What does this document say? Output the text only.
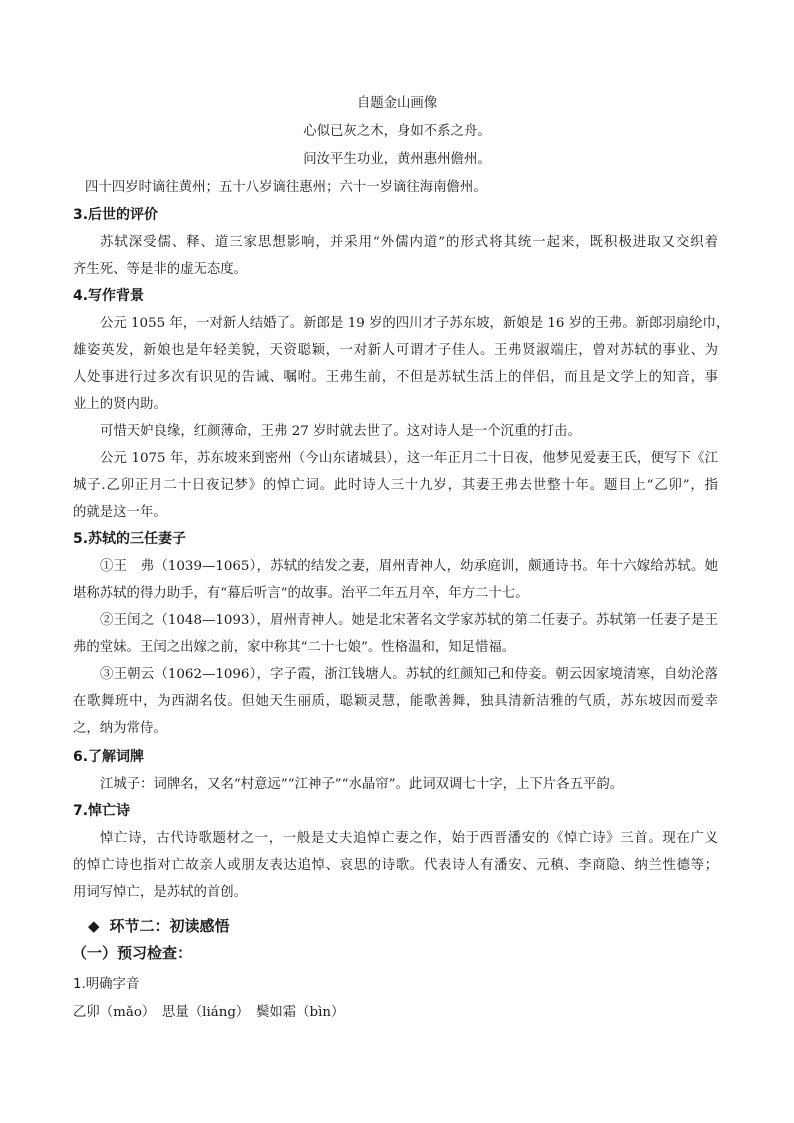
自题金山画像
心似已灰之木，身如不系之舟。
问汝平生功业，黄州惠州儋州。
四十四岁时谪往黄州；五十八岁谪往惠州；六十一岁谪往海南儋州。
3.后世的评价
苏轼深受儒、释、道三家思想影响，并采用“外儒内道”的形式将其统一起来，既积极进取又交织着
齐生死、等是非的虚无态度。
4.写作背景
公元 1055 年，一对新人结婚了。新郎是 19 岁的四川才子苏东坡，新娘是 16 岁的王弗。新郎羽扇纶巾，
雄姿英发，新娘也是年轻美貌，天资聪颖，一对新人可谓才子佳人。王弗贤淑端庄，曾对苏轼的事业、为
人处事进行过多次有识见的告诫、嘱咐。王弗生前，不但是苏轼生活上的伴侣，而且是文学上的知音，事
业上的贤内助。
可惜天妒良缘，红颜薄命，王弗 27 岁时就去世了。这对诗人是一个沉重的打击。
公元 1075 年，苏东坡来到密州（今山东诸城县），这一年正月二十日夜，他梦见爱妻王氏，便写下《江
城子.乙卯正月二十日夜记梦》的悼亡词。此时诗人三十九岁，其妻王弗去世整十年。题目上“乙卯”，指
的就是这一年。
5.苏轼的三任妻子
①王　弗（1039—1065），苏轼的结发之妻，眉州青神人，幼承庭训，颇通诗书。年十六嫁给苏轼。她
堪称苏轼的得力助手，有“幕后听言”的故事。治平二年五月卒，年方二十七。
②王闰之（1048—1093），眉州青神人。她是北宋著名文学家苏轼的第二任妻子。苏轼第一任妻子是王
弗的堂妹。王闰之出嫁之前，家中称其“二十七娘”。性格温和，知足惜福。
③王朝云（1062—1096），字子霞，浙江钱塘人。苏轼的红颜知己和侍妾。朝云因家境清寒，自幼沦落
在歌舞班中，为西湖名伎。但她天生丽质，聪颖灵慧，能歌善舞，独具清新洁雅的气质，苏东坡因而爱幸
之，纳为常侍。
6.了解词牌
江城子：词牌名，又名“村意远”“江神子”“水晶帘”。此词双调七十字，上下片各五平韵。
7.悼亡诗
悼亡诗，古代诗歌题材之一，一般是丈夫追悼亡妻之作，始于西晋潘安的《悼亡诗》三首。现在广义
的悼亡诗也指对亡故亲人或朋友表达追悼、哀思的诗歌。代表诗人有潘安、元稹、李商隐、纳兰性德等；
用词写悼亡，是苏轼的首创。
◆ 环节二：初读感悟
（一）预习检查：
1.明确字音
乙卯（mǎo）　思量（liáng）　鬓如霜（bìn）
